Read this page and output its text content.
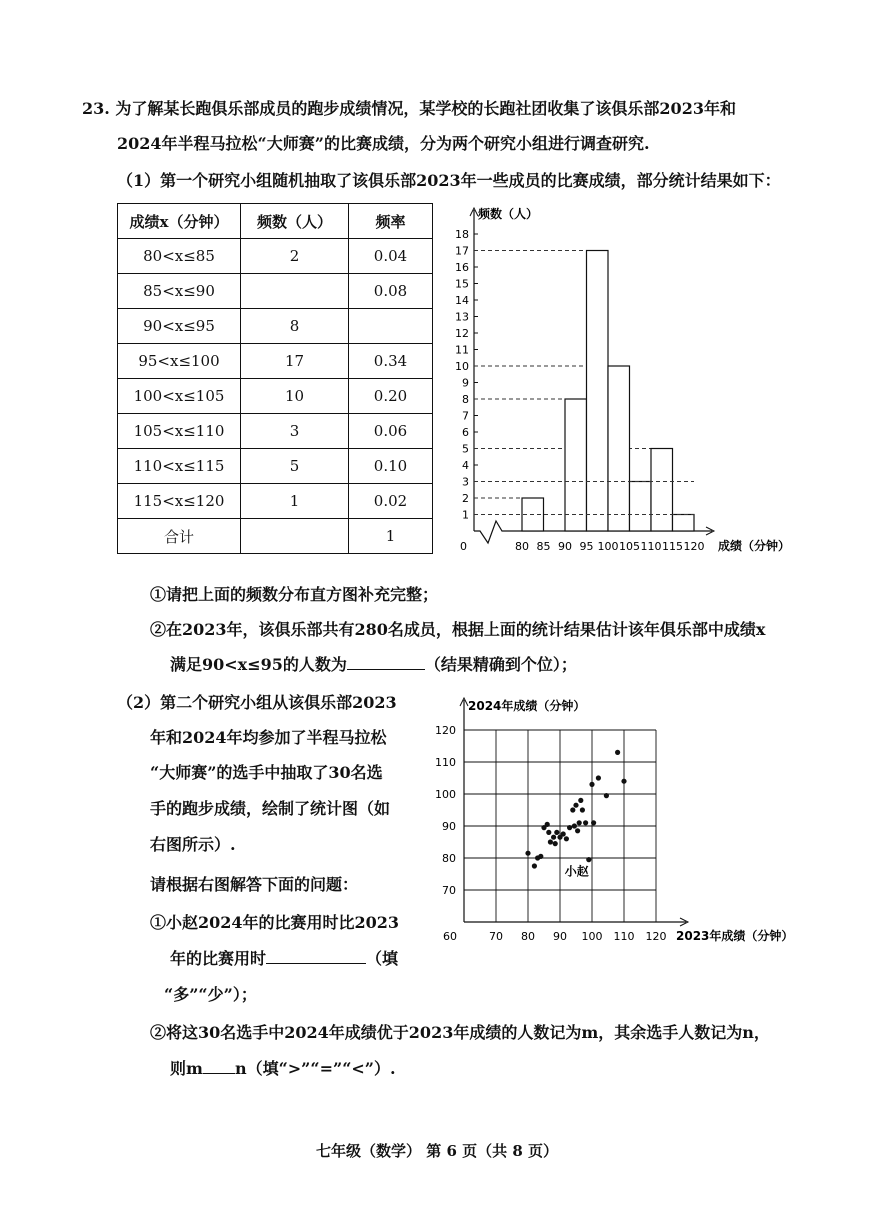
23. 为了解某长跑俱乐部成员的跑步成绩情况，某学校的长跑社团收集了该俱乐部2023年和
2024年半程马拉松“大师赛”的比赛成绩，分为两个研究小组进行调查研究.
（1）第一个研究小组随机抽取了该俱乐部2023年一些成员的比赛成绩，部分统计结果如下：
成绩x（分钟）	频数（人）	频率
80<x≤85	2	0.04
85<x≤90		0.08
90<x≤95	8	
95<x≤100	17	0.34
100<x≤105	10	0.20
105<x≤110	3	0.06
110<x≤115	5	0.10
115<x≤120	1	0.02
合计		1
频数（人）
成绩（分钟）
0
1
2
3
4
5
6
7
8
9
10
11
12
13
14
15
16
17
18
80 85 90 95 100 105 110 115 120
①请把上面的频数分布直方图补充完整；
②在2023年，该俱乐部共有280名成员，根据上面的统计结果估计该年俱乐部中成绩x
满足90<x≤95的人数为	（结果精确到个位）；
（2）第二个研究小组从该俱乐部2023
年和2024年均参加了半程马拉松
“大师赛”的选手中抽取了30名选
手的跑步成绩，绘制了统计图（如
右图所示）.
请根据右图解答下面的问题：
2024年成绩（分钟）
2023年成绩（分钟）
60	70 80 90 100 110 120
70
80
90
100
110
120
小赵
①小赵2024年的比赛用时比2023
年的比赛用时	（填
“多”“少”）；
②将这30名选手中2024年成绩优于2023年成绩的人数记为m，其余选手人数记为n，
则m n（填“>”“=”“<”）.
七年级（数学） 第 6 页（共 8 页）
